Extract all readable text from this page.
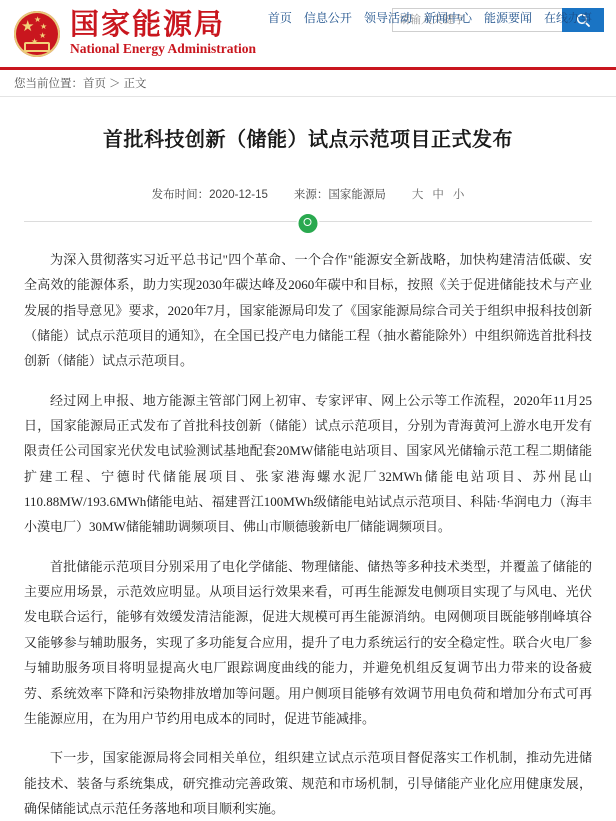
★ ★
★
★
★
国家能源局
National Energy Administration
请输入关键字
首页 信息公开 领导活动 新闻中心 能源要闻 在线办事
您当前位置： 首页 ＞ 正文
首批科技创新（储能）试点示范项目正式发布
发布时间：2020-12-15 来源：国家能源局 大 中 小

为深入贯彻落实习近平总书记"四个革命、一个合作"能源安全新战略，加快构建清洁低碳、安全高效的能源体系，助力实现2030年碳达峰及2060年碳中和目标，按照《关于促进储能技术与产业发展的指导意见》要求，2020年7月，国家能源局印发了《国家能源局综合司关于组织申报科技创新（储能）试点示范项目的通知》，在全国已投产电力储能工程（抽水蓄能除外）中组织筛选首批科技创新（储能）试点示范项目。

经过网上申报、地方能源主管部门网上初审、专家评审、网上公示等工作流程，2020年11月25日，国家能源局正式发布了首批科技创新（储能）试点示范项目，分别为青海黄河上游水电开发有限责任公司国家光伏发电试验测试基地配套20MW储能电站项目、国家风光储输示范工程二期储能扩建工程、宁德时代储能展项目、张家港海螺水泥厂32MWh储能电站项目、苏州昆山110.88MW/193.6MWh储能电站、福建晋江100MWh级储能电站试点示范项目、科陆·华润电力（海丰小漠电厂）30MW储能辅助调频项目、佛山市顺德骏新电厂储能调频项目。

首批储能示范项目分别采用了电化学储能、物理储能、储热等多种技术类型，并覆盖了储能的主要应用场景，示范效应明显。从项目运行效果来看，可再生能源发电侧项目实现了与风电、光伏发电联合运行，能够有效缓发清洁能源，促进大规模可再生能源消纳。电网侧项目既能够削峰填谷又能够参与辅助服务，实现了多功能复合应用，提升了电力系统运行的安全稳定性。联合火电厂参与辅助服务项目将明显提高火电厂跟踪调度曲线的能力，并避免机组反复调节出力带来的设备疲劳、系统效率下降和污染物排放增加等问题。用户侧项目能够有效调节用电负荷和增加分布式可再生能源应用，在为用户节约用电成本的同时，促进节能减排。

下一步，国家能源局将会同相关单位，组织建立试点示范项目督促落实工作机制，推动先进储能技术、装备与系统集成，研究推动完善政策、规范和市场机制，引导储能产业化应用健康发展，确保储能试点示范任务落地和项目顺利实施。
